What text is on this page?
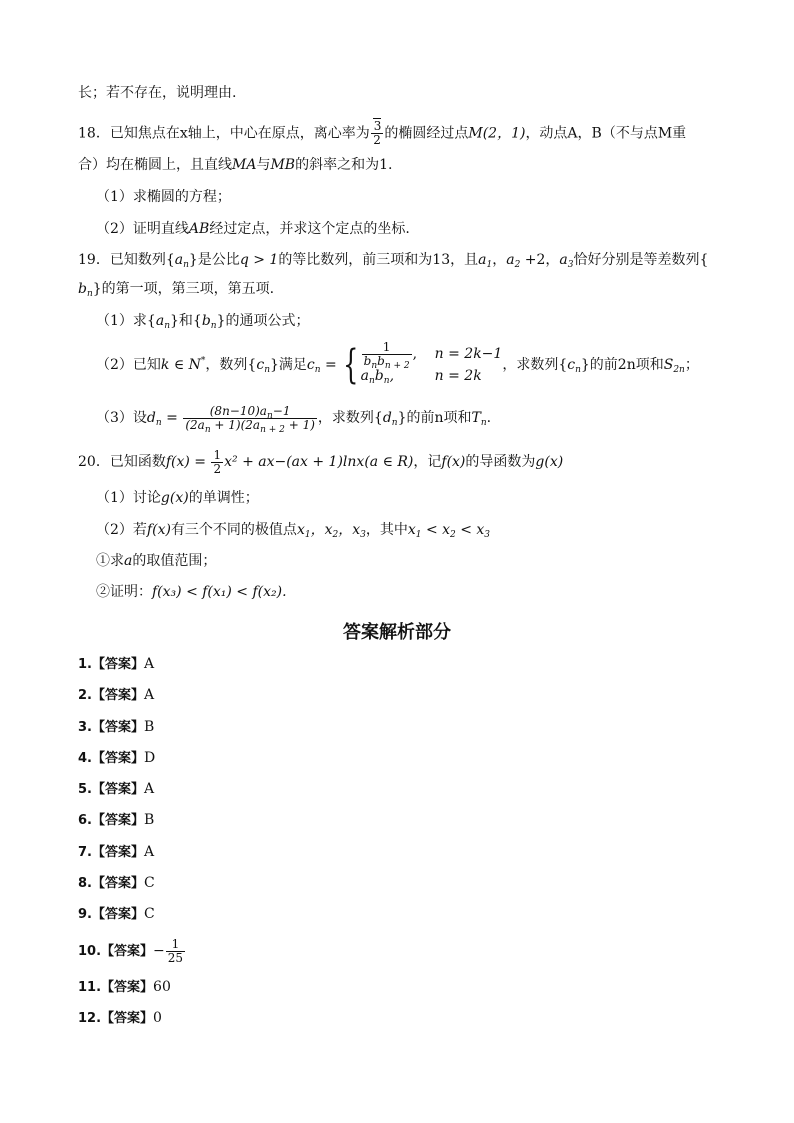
长；若不存在，说明理由.
18．已知焦点在x轴上，中心在原点，离心率为 $\frac{3}{2}$ 的椭圆经过点M(2，1)，动点A，B（不与点M重
合）均在椭圆上，且直线MA与MB的斜率之和为1.
（1）求椭圆的方程；
（2）证明直线AB经过定点，并求这个定点的坐标.
19．已知数列$\{a_n\}$是公比q > 1的等比数列，前三项和为13，且$a_1$，$a_2 +2$，$a_3$恰好分别是等差数列{
$b_n$}的第一项，第三项，第五项.
（1）求$\{a_n\}$和$\{b_n\}$的通项公式；
（2）已知k ∈ N*，数列$\{c_n\}$满足$c_n$ = { $\frac{1}{b_nb_{n + 2}}$ ,	n = 2k−1
$a_nb_n$,	n = 2k
，求数列$\{c_n\}$的前2n项和$S_{2n}$；
（3）设$d_n = \frac{(8n-10)a_n-1}{(2a_n + 1)(2a_{n + 2} + 1)}$ ，求数列$\{d_n\}$的前n项和$T_n$.
20．已知函数$f(x) = \frac{1}{2} x^2 + ax-(ax + 1)\ln x(a$ ∈ R)，记f(x)的导函数为g(x)
（1）讨论g(x)的单调性；
（2）若f(x)有三个不同的极值点$x_1$，$x_2$，$x_3$，其中$x_1 < x_2 < x_3$
①求a的取值范围；
②证明：f(x₃) < f(x₁) < f(x₂).
答案解析部分
1.【答案】A
2.【答案】A
3.【答案】B
4.【答案】D
5.【答案】A
6.【答案】B
7.【答案】A
8.【答案】C
9.【答案】C
10.【答案】− $\frac{1}{25}$
11.【答案】60
12.【答案】0
